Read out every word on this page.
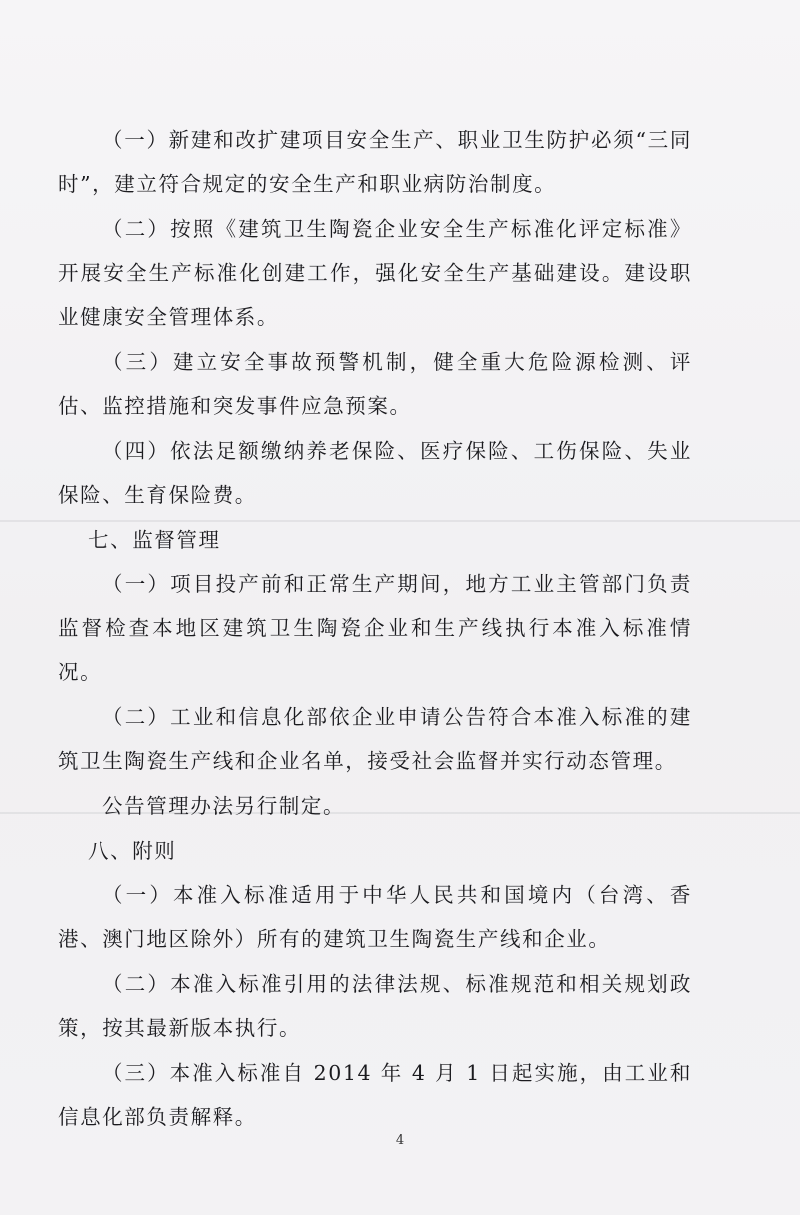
（一）新建和改扩建项目安全生产、职业卫生防护必须“三同时”，建立符合规定的安全生产和职业病防治制度。

（二）按照《建筑卫生陶瓷企业安全生产标准化评定标准》开展安全生产标准化创建工作，强化安全生产基础建设。建设职业健康安全管理体系。

（三）建立安全事故预警机制，健全重大危险源检测、评估、监控措施和突发事件应急预案。

（四）依法足额缴纳养老保险、医疗保险、工伤保险、失业保险、生育保险费。

七、监督管理

（一）项目投产前和正常生产期间，地方工业主管部门负责监督检查本地区建筑卫生陶瓷企业和生产线执行本准入标准情况。

（二）工业和信息化部依企业申请公告符合本准入标准的建筑卫生陶瓷生产线和企业名单，接受社会监督并实行动态管理。

公告管理办法另行制定。

八、附则

（一）本准入标准适用于中华人民共和国境内（台湾、香港、澳门地区除外）所有的建筑卫生陶瓷生产线和企业。

（二）本准入标准引用的法律法规、标准规范和相关规划政策，按其最新版本执行。

（三）本准入标准自 2014 年 4 月 1 日起实施，由工业和信息化部负责解释。

4
